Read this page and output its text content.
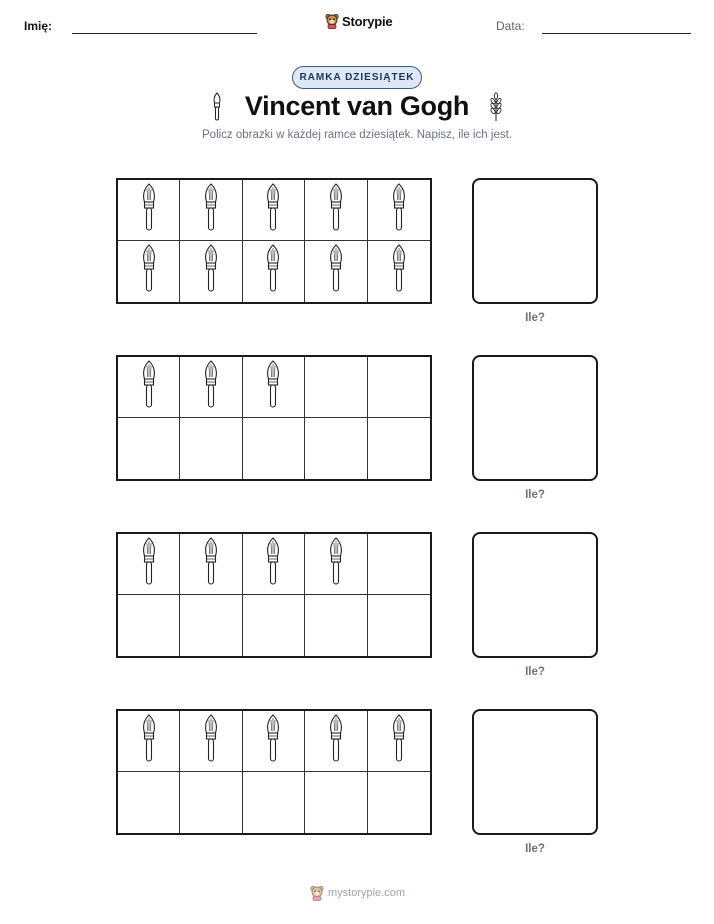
Imię:	Storypie	Data:
RAMKA DZIESIĄTEK
Vincent van Gogh
Policz obrazki w każdej ramce dziesiątek. Napisz, ile ich jest.
Ile?
Ile?
Ile?
Ile?
mystorypie.com
